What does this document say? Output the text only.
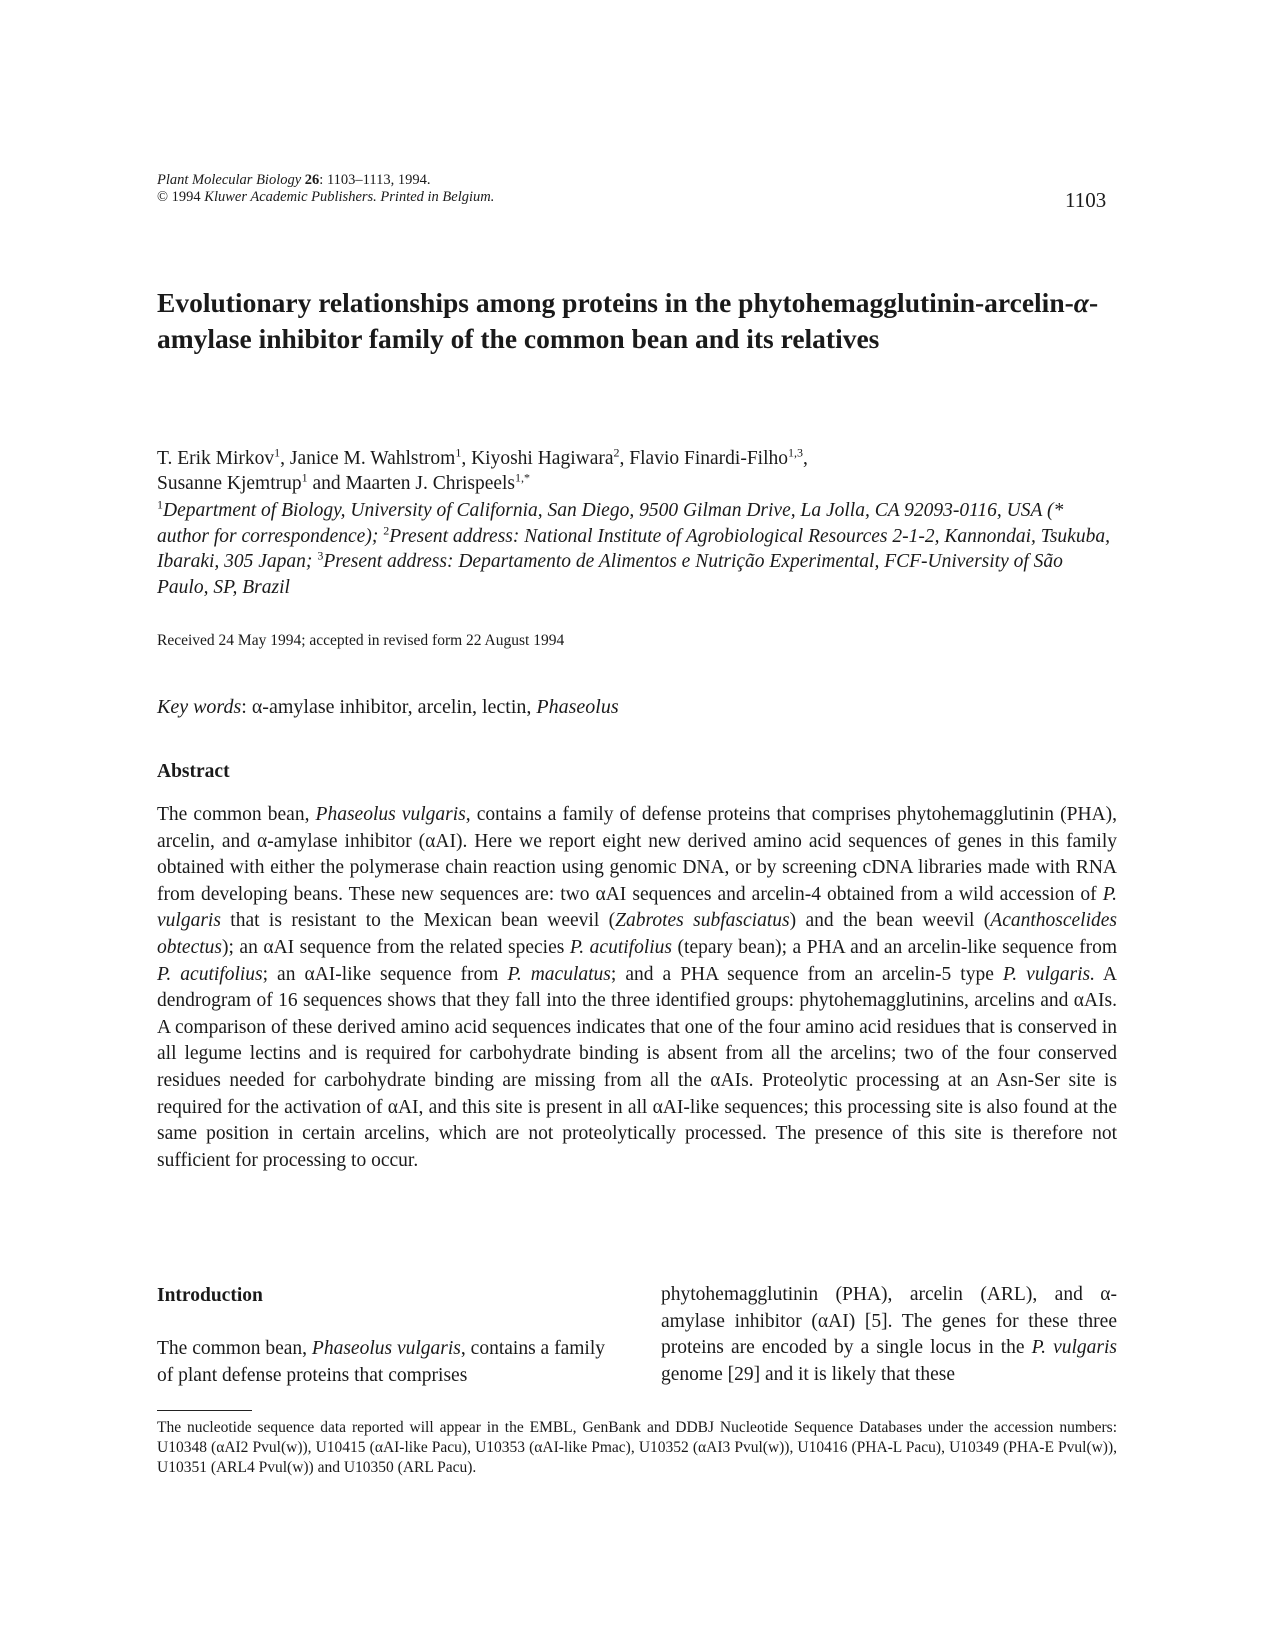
Plant Molecular Biology 26: 1103–1113, 1994.
© 1994 Kluwer Academic Publishers. Printed in Belgium.	1103
Evolutionary relationships among proteins in the phytohemagglutinin-arcelin-α-amylase inhibitor family of the common bean and its relatives
T. Erik Mirkov$^1$, Janice M. Wahlstrom$^1$, Kiyoshi Hagiwara$^2$, Flavio Finardi-Filho$^{1,3}$,
Susanne Kjemtrup$^1$ and Maarten J. Chrispeels$^{1,*}$
$^1$Department of Biology, University of California, San Diego, 9500 Gilman Drive, La Jolla, CA 92093-0116, USA (* author for correspondence); $^2$Present address: National Institute of Agrobiological Resources 2-1-2, Kannondai, Tsukuba, Ibaraki, 305 Japan; $^3$Present address: Departamento de Alimentos e Nutrição Experimental, FCF-University of São Paulo, SP, Brazil
Received 24 May 1994; accepted in revised form 22 August 1994
Key words: α-amylase inhibitor, arcelin, lectin, Phaseolus
Abstract
The common bean, Phaseolus vulgaris, contains a family of defense proteins that comprises phytohemagglutinin (PHA), arcelin, and α-amylase inhibitor (αAI). Here we report eight new derived amino acid sequences of genes in this family obtained with either the polymerase chain reaction using genomic DNA, or by screening cDNA libraries made with RNA from developing beans. These new sequences are: two αAI sequences and arcelin-4 obtained from a wild accession of P. vulgaris that is resistant to the Mexican bean weevil (Zabrotes subfasciatus) and the bean weevil (Acanthoscelides obtectus); an αAI sequence from the related species P. acutifolius (tepary bean); a PHA and an arcelin-like sequence from P. acutifolius; an αAI-like sequence from P. maculatus; and a PHA sequence from an arcelin-5 type P. vulgaris. A dendrogram of 16 sequences shows that they fall into the three identified groups: phytohemagglutinins, arcelins and αAIs. A comparison of these derived amino acid sequences indicates that one of the four amino acid residues that is conserved in all legume lectins and is required for carbohydrate binding is absent from all the arcelins; two of the four conserved residues needed for carbohydrate binding are missing from all the αAIs. Proteolytic processing at an Asn-Ser site is required for the activation of αAI, and this site is present in all αAI-like sequences; this processing site is also found at the same position in certain arcelins, which are not proteolytically processed. The presence of this site is therefore not sufficient for processing to occur.
Introduction
The common bean, Phaseolus vulgaris, contains a family of plant defense proteins that comprises
phytohemagglutinin (PHA), arcelin (ARL), and α-amylase inhibitor (αAI) [5]. The genes for these three proteins are encoded by a single locus in the P. vulgaris genome [29] and it is likely that these
The nucleotide sequence data reported will appear in the EMBL, GenBank and DDBJ Nucleotide Sequence Databases under the accession numbers: U10348 (αAI2 Pvul(w)), U10415 (αAI-like Pacu), U10353 (αAI-like Pmac), U10352 (αAI3 Pvul(w)), U10416 (PHA-L Pacu), U10349 (PHA-E Pvul(w)), U10351 (ARL4 Pvul(w)) and U10350 (ARL Pacu).
